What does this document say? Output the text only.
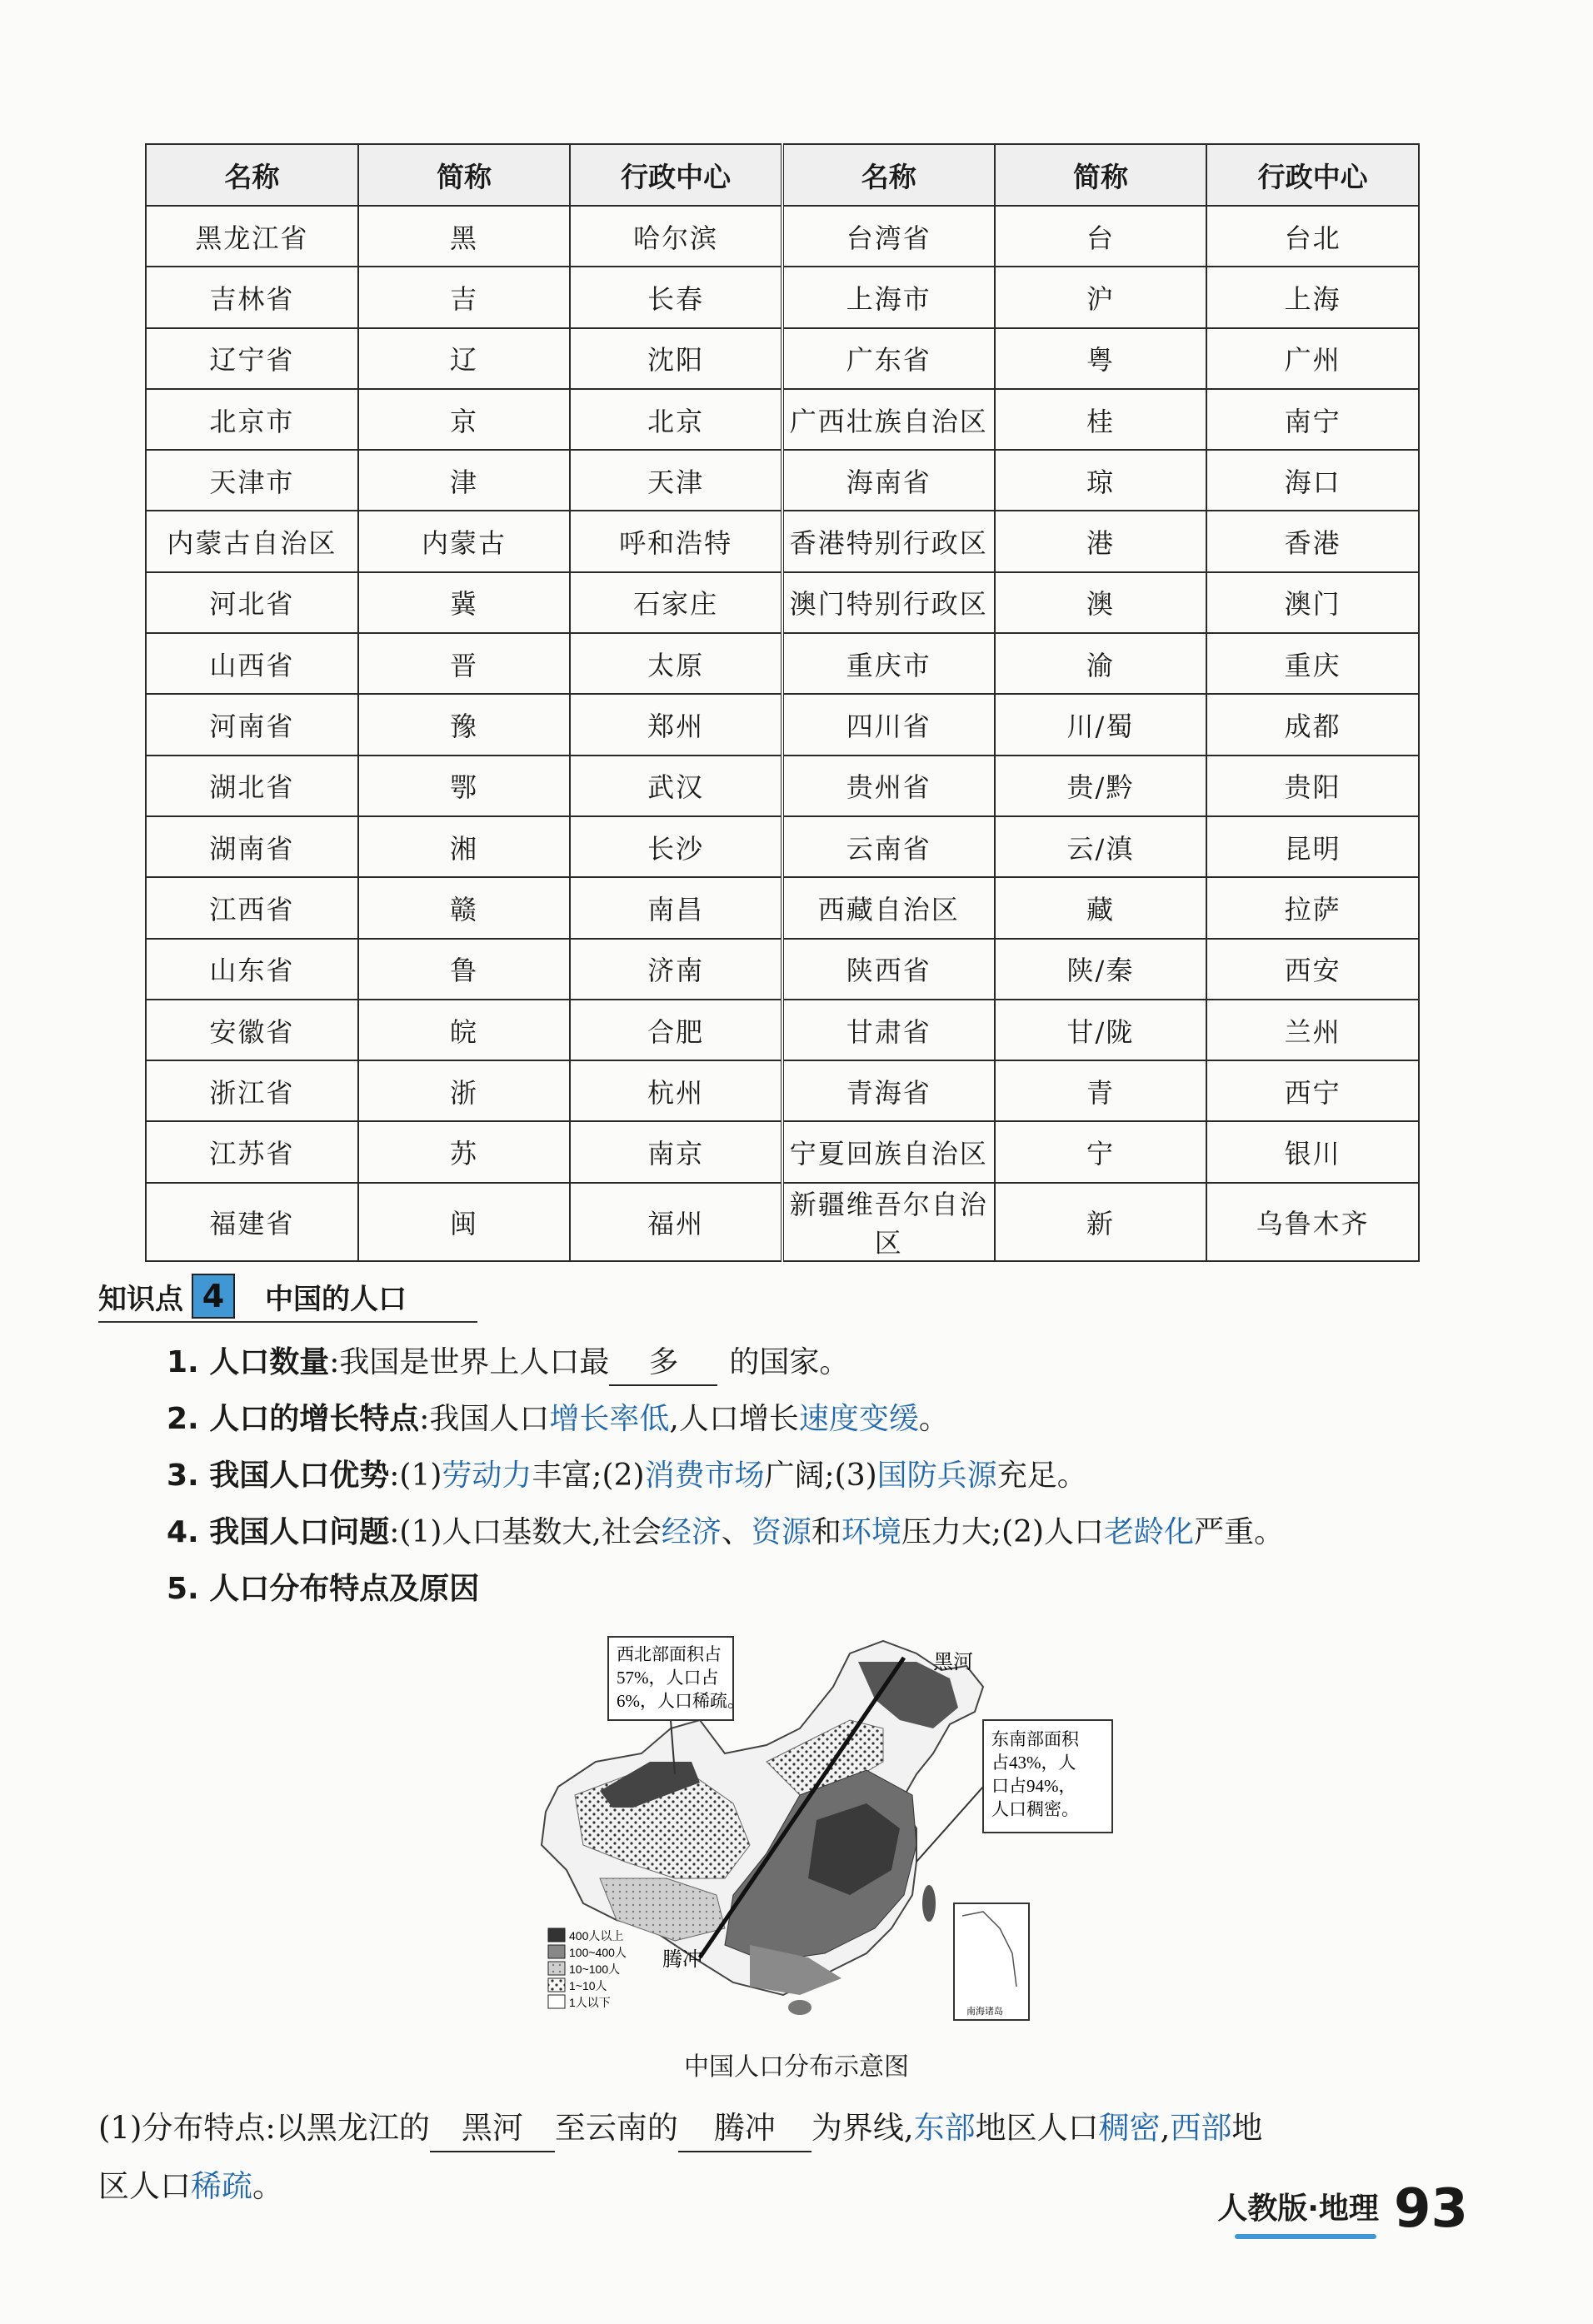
名称	简称	行政中心	名称	简称	行政中心
黑龙江省	黑	哈尔滨	台湾省	台	台北
吉林省	吉	长春	上海市	沪	上海
辽宁省	辽	沈阳	广东省	粤	广州
北京市	京	北京	广西壮族自治区	桂	南宁
天津市	津	天津	海南省	琼	海口
内蒙古自治区	内蒙古	呼和浩特	香港特别行政区	港	香港
河北省	冀	石家庄	澳门特别行政区	澳	澳门
山西省	晋	太原	重庆市	渝	重庆
河南省	豫	郑州	四川省	川/蜀	成都
湖北省	鄂	武汉	贵州省	贵/黔	贵阳
湖南省	湘	长沙	云南省	云/滇	昆明
江西省	赣	南昌	西藏自治区	藏	拉萨
山东省	鲁	济南	陕西省	陕/秦	西安
安徽省	皖	合肥	甘肃省	甘/陇	兰州
浙江省	浙	杭州	青海省	青	西宁
江苏省	苏	南京	宁夏回族自治区	宁	银川
福建省	闽	福州	新疆维吾尔自治区	新	乌鲁木齐
知识点 4	中国的人口
1. 人口数量:我国是世界上人口最 多 的国家。
2. 人口的增长特点:我国人口增长率低,人口增长速度变缓。
3. 我国人口优势:(1)劳动力丰富;(2)消费市场广阔;(3)国防兵源充足。
4. 我国人口问题:(1)人口基数大,社会经济、资源和环境压力大;(2)人口老龄化严重。
5. 人口分布特点及原因
西北部面积占
57%，人口占
6%，人口稀疏。
东南部面积
占43%，人
口占94%，
人口稠密。
黑河
腾冲
400人以上
100~400人
10~100人
1~10人
1人以下
南海诸岛
中国人口分布示意图
(1)分布特点:以黑龙江的 黑河 至云南的 腾冲 为界线,东部地区人口稠密,西部地
区人口稀疏。
人教版·地理 93
